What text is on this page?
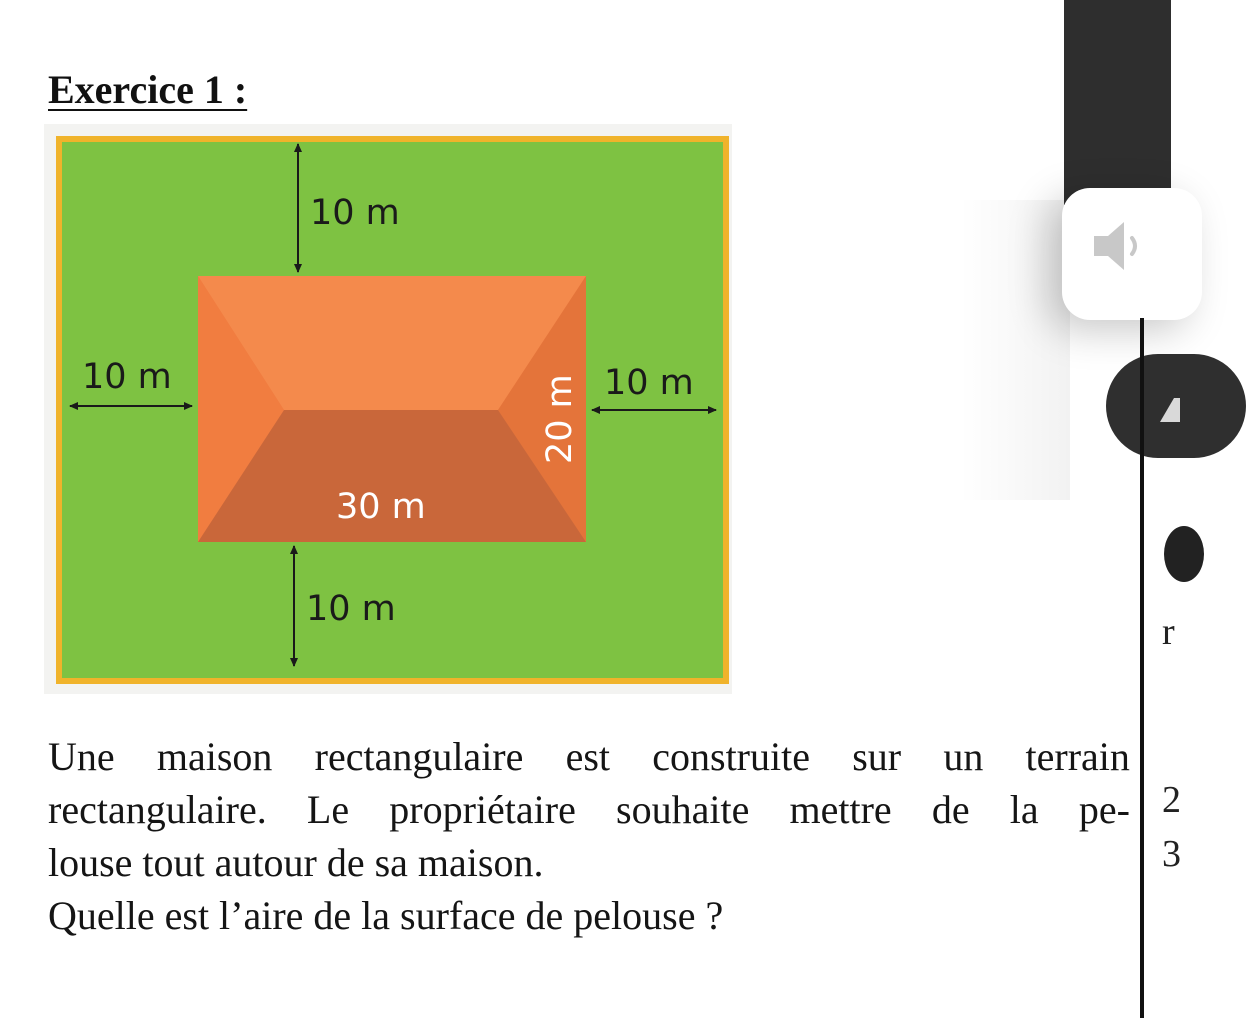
Exercice 1 :
10 m
10 m	10 m
10 m
30 m
20 m

Une maison rectangulaire est construite sur un terrain

rectangulaire. Le propriétaire souhaite mettre de la pe-

louse tout autour de sa maison.

Quelle est l’aire de la surface de pelouse ?

r
2
3
